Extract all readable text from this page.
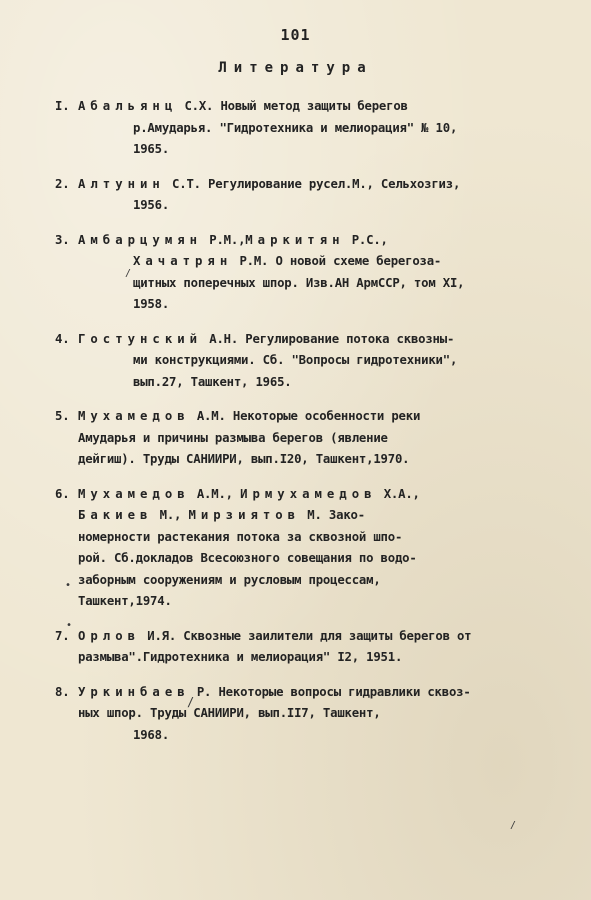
101
Литература
I. Абальянц С.Х. Новый метод защиты берегов
р.Амударья. "Гидротехника и мелиорация" № 10,
1965.
2. Алтунин С.Т. Регулирование русел.М., Сельхозгиз,
1956.
3. Амбарцумян Р.М.,Маркитян Р.С.,
Хачатрян Р.М. О новой схеме берегоза-
щитных поперечных шпор. Изв.АН АрмССР, том XI,
1958.
4. Гостунский А.Н. Регулирование потока сквозны-
ми конструкциями. Сб. "Вопросы гидротехники",
вып.27, Ташкент, 1965.
5. Мухамедов А.М. Некоторые особенности реки
Амударья и причины размыва берегов (явление
дейгиш). Труды САНИИРИ, вып.I20, Ташкент,1970.
6. Мухамедов А.М., Ирмухамедов Х.А.,
Бакиев М., Мирзиятов М. Зако-
номерности растекания потока за сквозной шпо-
рой. Сб.докладов Всесоюзного совещания по водо-
заборным сооружениям и русловым процессам,
Ташкент,1974.
7. Орлов И.Я. Сквозные заилители для защиты берегов от
размыва".Гидротехника и мелиорация" I2, 1951.
8. Уркинбаев Р. Некоторые вопросы гидравлики сквоз-
ных шпор. Труды САНИИРИ, вып.II7, Ташкент,
1968.
/
/
/
•
•
